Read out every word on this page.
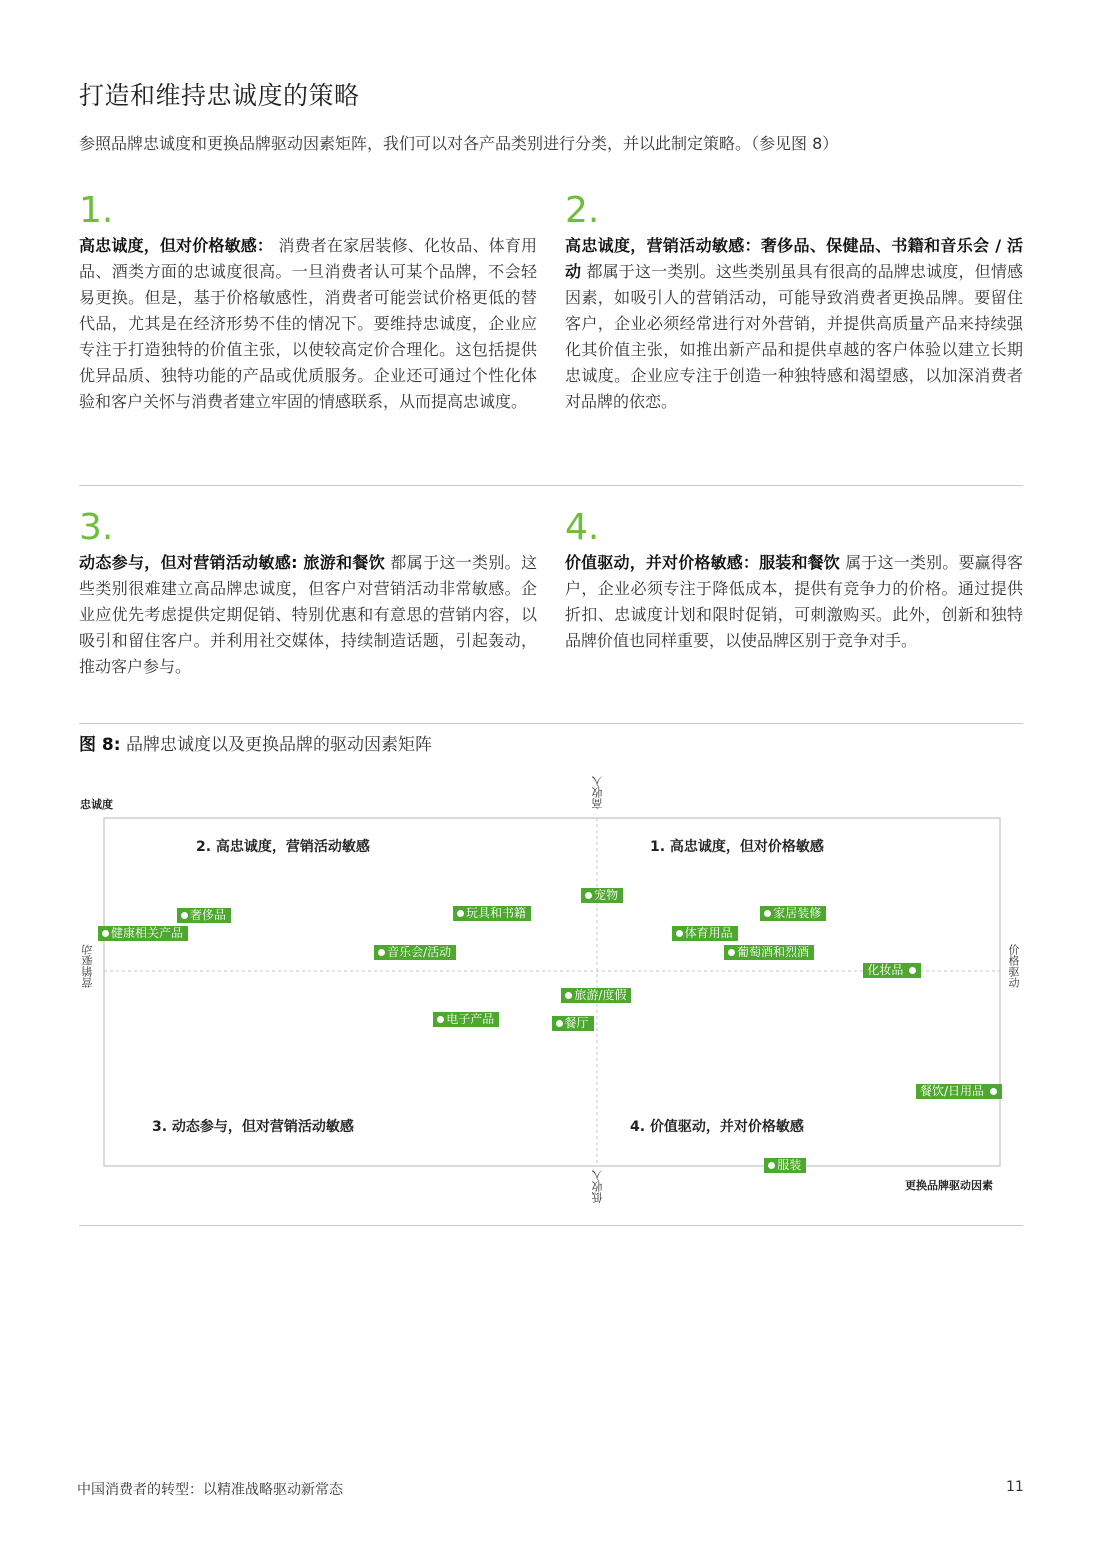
打造和维持忠诚度的策略
参照品牌忠诚度和更换品牌驱动因素矩阵，我们可以对各产品类别进行分类，并以此制定策略。（参见图 8）
1.
高忠诚度，但对价格敏感： 消费者在家居装修、化妆品、体育用品、酒类方面的忠诚度很高。一旦消费者认可某个品牌，不会轻易更换。但是，基于价格敏感性，消费者可能尝试价格更低的替代品，尤其是在经济形势不佳的情况下。要维持忠诚度，企业应专注于打造独特的价值主张，以使较高定价合理化。这包括提供优异品质、独特功能的产品或优质服务。企业还可通过个性化体验和客户关怀与消费者建立牢固的情感联系，从而提高忠诚度。
2.
高忠诚度，营销活动敏感：奢侈品、保健品、书籍和音乐会 / 活动 都属于这一类别。这些类别虽具有很高的品牌忠诚度，但情感因素，如吸引人的营销活动，可能导致消费者更换品牌。要留住客户，企业必须经常进行对外营销，并提供高质量产品来持续强化其价值主张，如推出新产品和提供卓越的客户体验以建立长期忠诚度。企业应专注于创造一种独特感和渴望感，以加深消费者对品牌的依恋。
3.
动态参与，但对营销活动敏感: 旅游和餐饮 都属于这一类别。这些类别很难建立高品牌忠诚度，但客户对营销活动非常敏感。企业应优先考虑提供定期促销、特别优惠和有意思的营销内容，以吸引和留住客户。并利用社交媒体，持续制造话题，引起轰动，推动客户参与。
4.
价值驱动，并对价格敏感：服装和餐饮 属于这一类别。要赢得客户，企业必须专注于降低成本，提供有竞争力的价格。通过提供折扣、忠诚度计划和限时促销，可刺激购买。此外，创新和独特品牌价值也同样重要，以使品牌区别于竞争对手。
图 8: 品牌忠诚度以及更换品牌的驱动因素矩阵
忠诚度
更换品牌驱动因素
营销驱动	价格驱动
高收入
低收入
2. 高忠诚度，营销活动敏感	1. 高忠诚度，但对价格敏感
3. 动态参与，但对营销活动敏感	4. 价值驱动，并对价格敏感
宠物
奢侈品	玩具和书籍	家居装修
健康相关产品	体育用品
音乐会/活动	葡萄酒和烈酒
化妆品
旅游/度假
电子产品	餐厅
餐饮/日用品
服装
中国消费者的转型：以精准战略驱动新常态	11
